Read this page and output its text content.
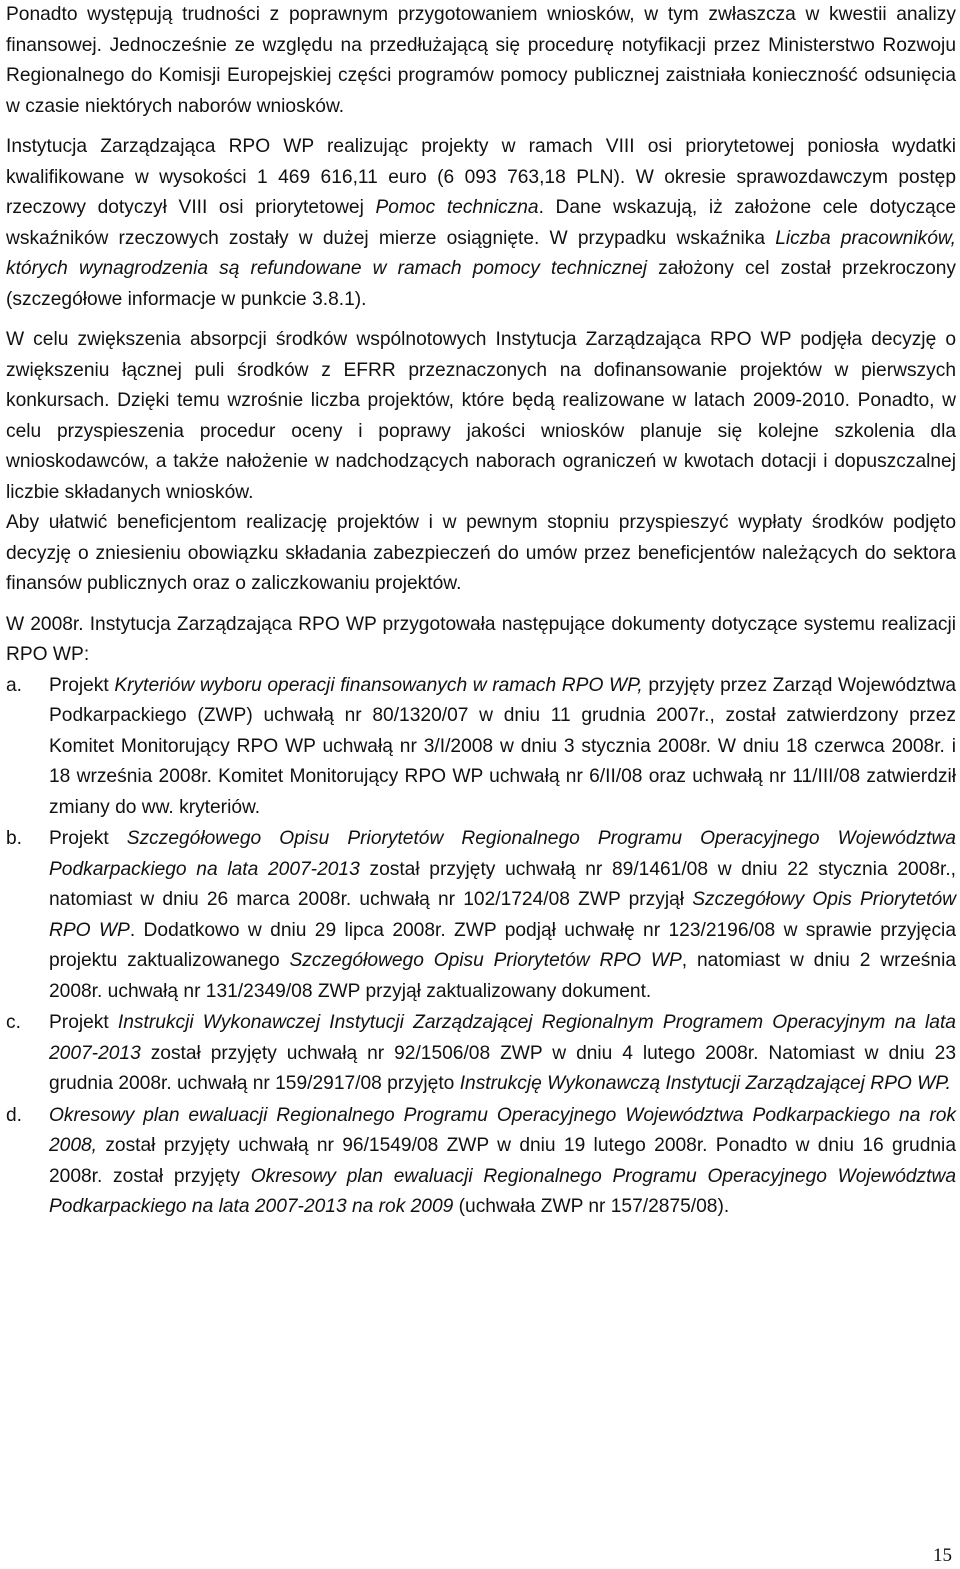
Ponadto występują trudności z poprawnym przygotowaniem wniosków, w tym zwłaszcza w kwestii analizy finansowej. Jednocześnie ze względu na przedłużającą się procedurę notyfikacji przez Ministerstwo Rozwoju Regionalnego do Komisji Europejskiej części programów pomocy publicznej zaistniała konieczność odsunięcia w czasie niektórych naborów wniosków.

Instytucja Zarządzająca RPO WP realizując projekty w ramach VIII osi priorytetowej poniosła wydatki kwalifikowane w wysokości 1 469 616,11 euro (6 093 763,18 PLN). W okresie sprawozdawczym postęp rzeczowy dotyczył VIII osi priorytetowej Pomoc techniczna. Dane wskazują, iż założone cele dotyczące wskaźników rzeczowych zostały w dużej mierze osiągnięte. W przypadku wskaźnika Liczba pracowników, których wynagrodzenia są refundowane w ramach pomocy technicznej założony cel został przekroczony (szczegółowe informacje w punkcie 3.8.1).

W celu zwiększenia absorpcji środków wspólnotowych Instytucja Zarządzająca RPO WP podjęła decyzję o zwiększeniu łącznej puli środków z EFRR przeznaczonych na dofinansowanie projektów w pierwszych konkursach. Dzięki temu wzrośnie liczba projektów, które będą realizowane w latach 2009-2010. Ponadto, w celu przyspieszenia procedur oceny i poprawy jakości wniosków planuje się kolejne szkolenia dla wnioskodawców, a także nałożenie w nadchodzących naborach ograniczeń w kwotach dotacji i dopuszczalnej liczbie składanych wniosków.

Aby ułatwić beneficjentom realizację projektów i w pewnym stopniu przyspieszyć wypłaty środków podjęto decyzję o zniesieniu obowiązku składania zabezpieczeń do umów przez beneficjentów należących do sektora finansów publicznych oraz o zaliczkowaniu projektów.

W 2008r. Instytucja Zarządzająca RPO WP przygotowała następujące dokumenty dotyczące systemu realizacji RPO WP:

a. Projekt Kryteriów wyboru operacji finansowanych w ramach RPO WP, przyjęty przez Zarząd Województwa Podkarpackiego (ZWP) uchwałą nr 80/1320/07 w dniu 11 grudnia 2007r., został zatwierdzony przez Komitet Monitorujący RPO WP uchwałą nr 3/I/2008 w dniu 3 stycznia 2008r. W dniu 18 czerwca 2008r. i 18 września 2008r. Komitet Monitorujący RPO WP uchwałą nr 6/II/08 oraz uchwałą nr 11/III/08 zatwierdził zmiany do ww. kryteriów.
b. Projekt Szczegółowego Opisu Priorytetów Regionalnego Programu Operacyjnego Województwa Podkarpackiego na lata 2007-2013 został przyjęty uchwałą nr 89/1461/08 w dniu 22 stycznia 2008r., natomiast w dniu 26 marca 2008r. uchwałą nr 102/1724/08 ZWP przyjął Szczegółowy Opis Priorytetów RPO WP. Dodatkowo w dniu 29 lipca 2008r. ZWP podjął uchwałę nr 123/2196/08 w sprawie przyjęcia projektu zaktualizowanego Szczegółowego Opisu Priorytetów RPO WP, natomiast w dniu 2 września 2008r. uchwałą nr 131/2349/08 ZWP przyjął zaktualizowany dokument.
c. Projekt Instrukcji Wykonawczej Instytucji Zarządzającej Regionalnym Programem Operacyjnym na lata 2007-2013 został przyjęty uchwałą nr 92/1506/08 ZWP w dniu 4 lutego 2008r. Natomiast w dniu 23 grudnia 2008r. uchwałą nr 159/2917/08 przyjęto Instrukcję Wykonawczą Instytucji Zarządzającej RPO WP.
d. Okresowy plan ewaluacji Regionalnego Programu Operacyjnego Województwa Podkarpackiego na rok 2008, został przyjęty uchwałą nr 96/1549/08 ZWP w dniu 19 lutego 2008r. Ponadto w dniu 16 grudnia 2008r. został przyjęty Okresowy plan ewaluacji Regionalnego Programu Operacyjnego Województwa Podkarpackiego na lata 2007-2013 na rok 2009 (uchwała ZWP nr 157/2875/08).
15
